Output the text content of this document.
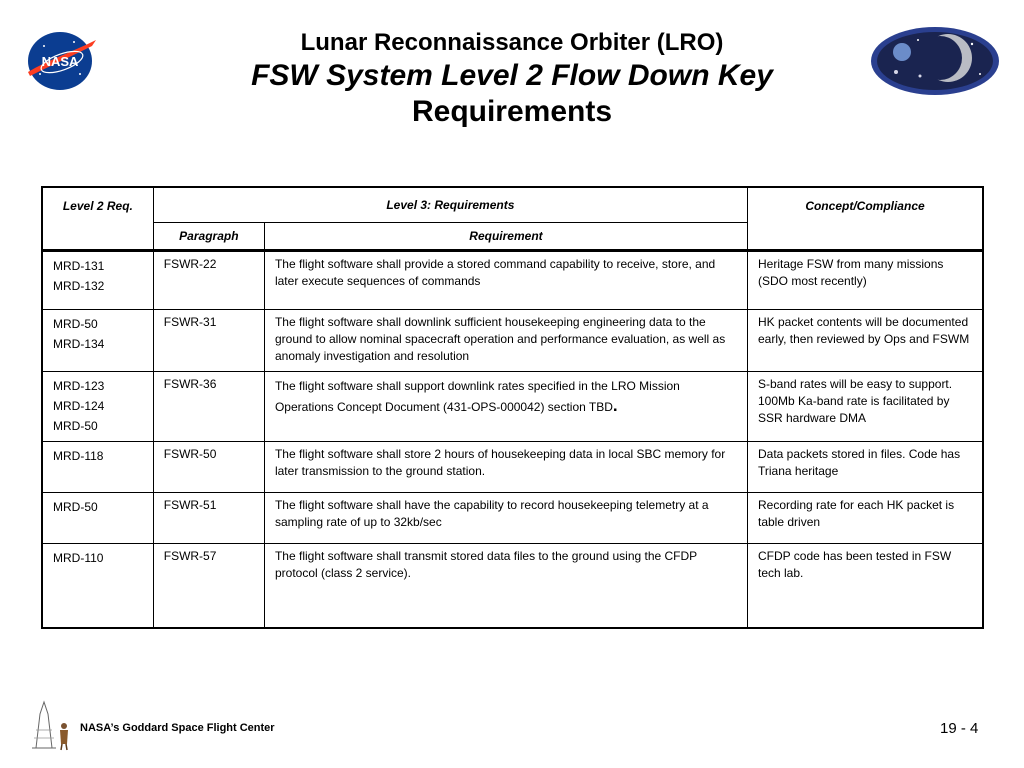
NASA
Lunar Reconnaissance Orbiter (LRO)
FSW System Level 2 Flow Down Key
Requirements
Level 2 Req.	Level 3: Requirements		Concept/Compliance
	Paragraph	Requirement	

MRD-131
MRD-132	FSWR-22	The flight software shall provide a stored command capability to receive, store, and later execute sequences of commands	Heritage FSW from many missions (SDO most recently)

MRD-50
MRD-134	FSWR-31	The flight software shall downlink sufficient housekeeping engineering data to the ground to allow nominal spacecraft operation and performance evaluation, as well as anomaly investigation and resolution	HK packet contents will be documented early, then reviewed by Ops and FSWM

MRD-123
MRD-124
MRD-50	FSWR-36	The flight software shall support downlink rates specified in the LRO Mission Operations Concept Document (431-OPS-000042) section TBD.	S-band rates will be easy to support. 100Mb Ka-band rate is facilitated by SSR hardware DMA

MRD-118	FSWR-50	The flight software shall store 2 hours of housekeeping data in local SBC memory for later transmission to the ground station.	Data packets stored in files. Code has Triana heritage

MRD-50	FSWR-51	The flight software shall have the capability to record housekeeping telemetry at a sampling rate of up to 32kb/sec	Recording rate for each HK packet is table driven

MRD-110	FSWR-57	The flight software shall transmit stored data files to the ground using the CFDP protocol (class 2 service).	CFDP code has been tested in FSW tech lab.
NASA’s Goddard Space Flight Center	19 - 4
